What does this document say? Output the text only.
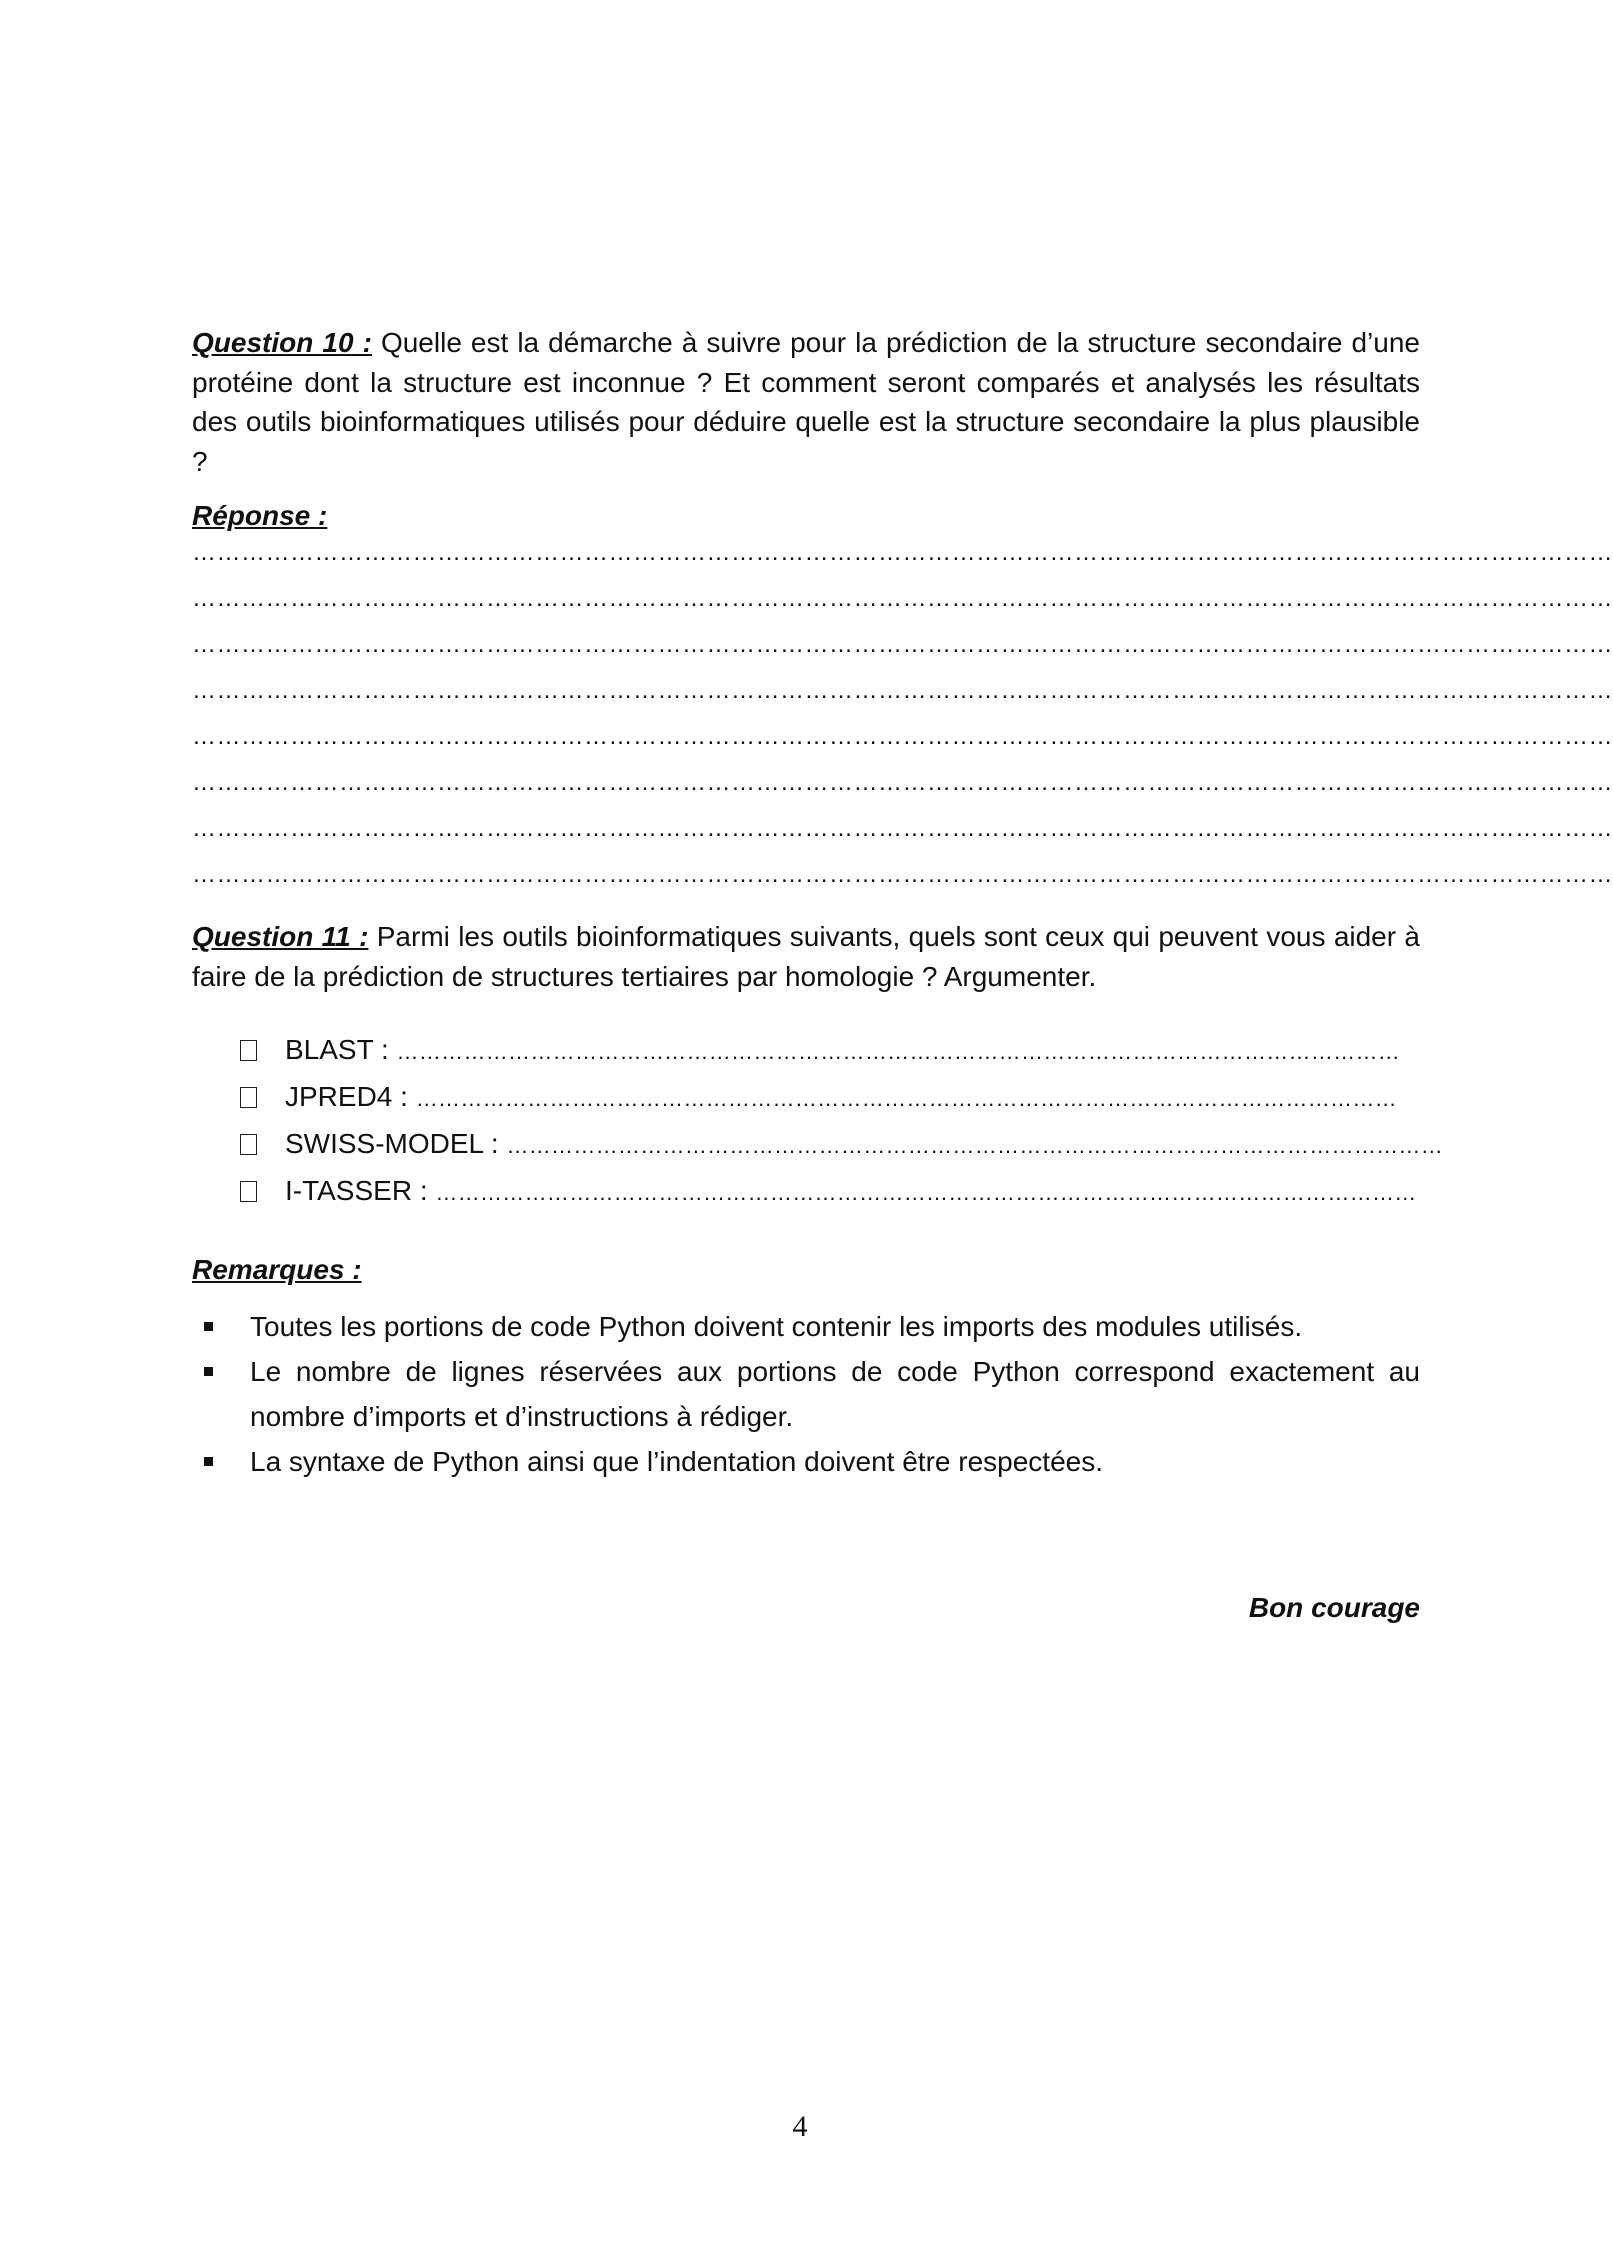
Question 10 : Quelle est la démarche à suivre pour la prédiction de la structure secondaire d’une protéine dont la structure est inconnue ? Et comment seront comparés et analysés les résultats des outils bioinformatiques utilisés pour déduire quelle est la structure secondaire la plus plausible ?
Réponse :
…………………………………………………………………………………………………………………………………………………………
…………………………………………………………………………………………………………………………………………………………
…………………………………………………………………………………………………………………………………………………………
…………………………………………………………………………………………………………………………………………………………
…………………………………………………………………………………………………………………………………………………………
…………………………………………………………………………………………………………………………………………………………
…………………………………………………………………………………………………………………………………………………………
…………………………………………………………………………………………………………………………………………………………
Question 11 : Parmi les outils bioinformatiques suivants, quels sont ceux qui peuvent vous aider à faire de la prédiction de structures tertiaires par homologie ? Argumenter.
BLAST : ………………………………………………………………………………………………………………………
JPRED4 : ……………………………………………………………………………………………………………………
SWISS-MODEL : ………………………………………………………………………………………………………………
I-TASSER : ……………………………………………………………………………………………………………………
Remarques :
Toutes les portions de code Python doivent contenir les imports des modules utilisés.
Le nombre de lignes réservées aux portions de code Python correspond exactement au nombre d’imports et d’instructions à rédiger.
La syntaxe de Python ainsi que l’indentation doivent être respectées.
Bon courage
4
